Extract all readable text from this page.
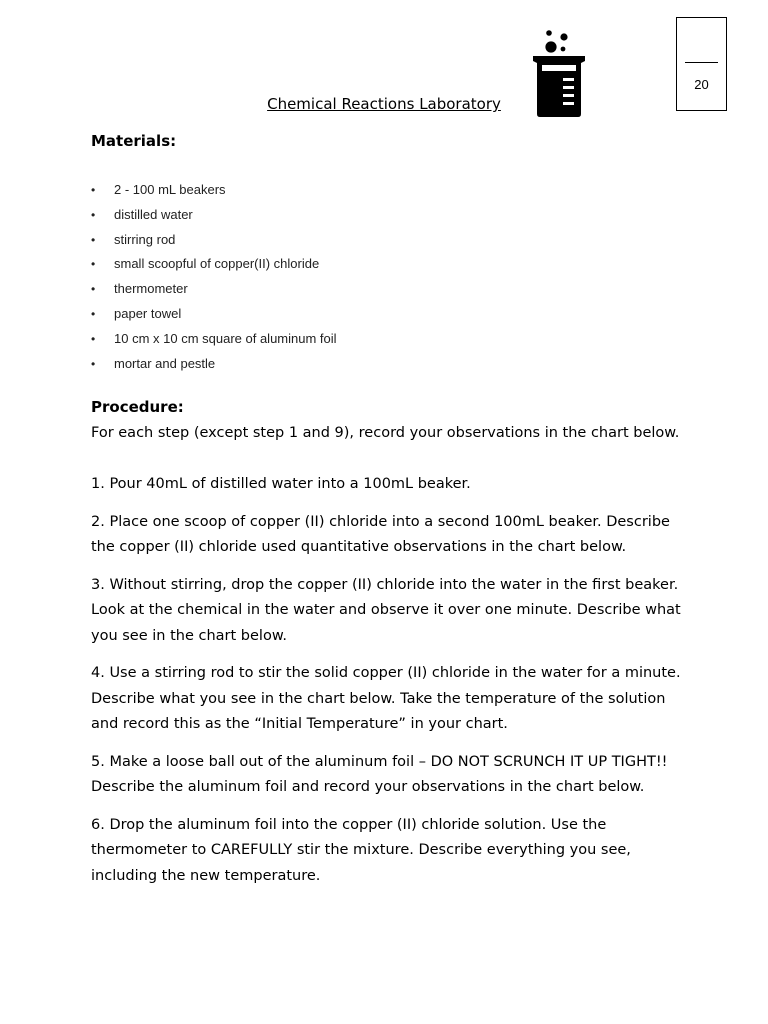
20
Chemical Reactions Laboratory
Materials:
• 2 - 100 mL beakers
• distilled water
• stirring rod
• small scoopful of copper(II) chloride
• thermometer
• paper towel
• 10 cm x 10 cm square of aluminum foil
• mortar and pestle
Procedure:
For each step (except step 1 and 9), record your observations in the chart below.

1. Pour 40mL of distilled water into a 100mL beaker.

2. Place one scoop of copper (II) chloride into a second 100mL beaker. Describe the copper (II) chloride used quantitative observations in the chart below.

3. Without stirring, drop the copper (II) chloride into the water in the first beaker. Look at the chemical in the water and observe it over one minute. Describe what you see in the chart below.

4. Use a stirring rod to stir the solid copper (II) chloride in the water for a minute. Describe what you see in the chart below. Take the temperature of the solution and record this as the “Initial Temperature” in your chart.

5. Make a loose ball out of the aluminum foil – DO NOT SCRUNCH IT UP TIGHT!! Describe the aluminum foil and record your observations in the chart below.

6. Drop the aluminum foil into the copper (II) chloride solution. Use the thermometer to CAREFULLY stir the mixture. Describe everything you see, including the new temperature.
